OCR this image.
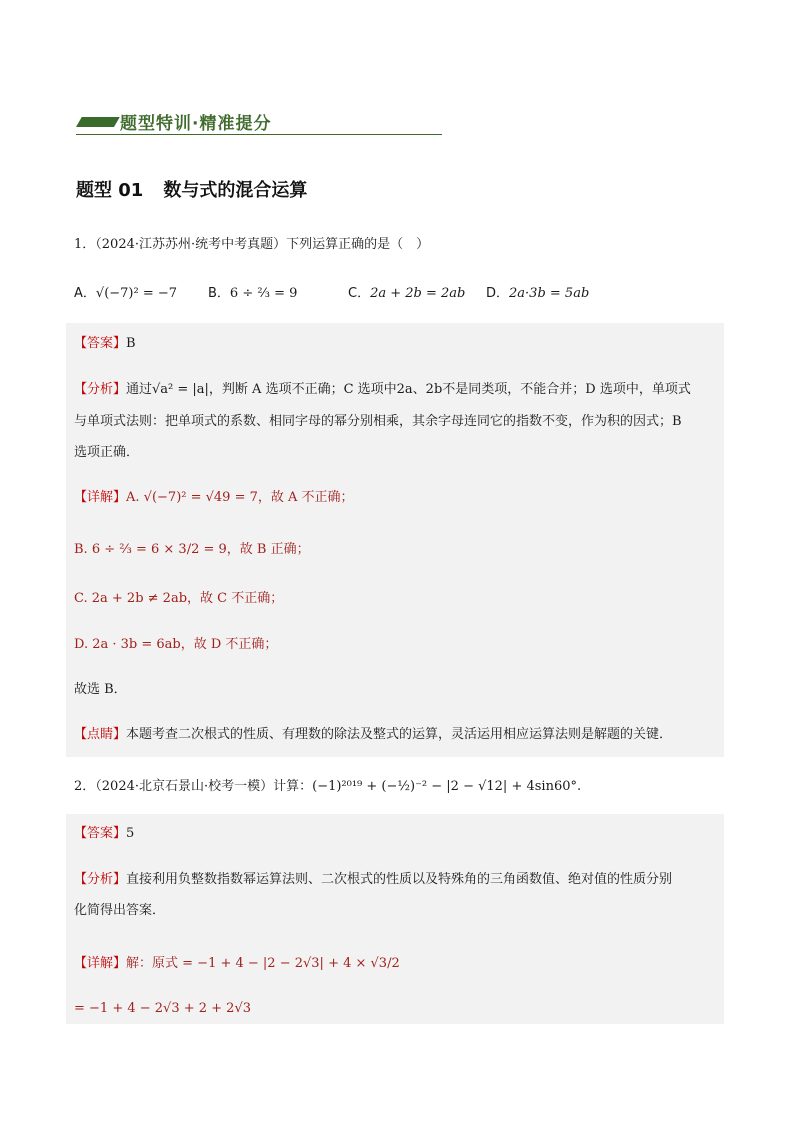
题型特训·精准提分
题型 01 数与式的混合运算
1．（2024·江苏苏州·统考中考真题）下列运算正确的是（　）
A．√(−7)² = −7 B．6 ÷ ⅔ = 9	C．2a + 2b = 2ab D．2a·3b = 5ab
【答案】B
【分析】通过√a² = |a|，判断 A 选项不正确；C 选项中2a、2b不是同类项，不能合并；D 选项中，单项式
与单项式法则：把单项式的系数、相同字母的幂分别相乘，其余字母连同它的指数不变，作为积的因式；B
选项正确．
【详解】A. √(−7)² = √49 = 7，故 A 不正确；
B. 6 ÷ ⅔ = 6 × 3/2 = 9，故 B 正确；
C. 2a + 2b ≠ 2ab，故 C 不正确；
D. 2a · 3b = 6ab，故 D 不正确；
故选 B．
【点睛】本题考查二次根式的性质、有理数的除法及整式的运算，灵活运用相应运算法则是解题的关键．
2．（2024·北京石景山·校考一模）计算：(−1)²⁰¹⁹ + (−½)⁻² − |2 − √12| + 4sin60°.
【答案】5
【分析】直接利用负整数指数幂运算法则、二次根式的性质以及特殊角的三角函数值、绝对值的性质分别
化简得出答案．
【详解】解：原式 = −1 + 4 − |2 − 2√3| + 4 × √3/2
= −1 + 4 − 2√3 + 2 + 2√3
